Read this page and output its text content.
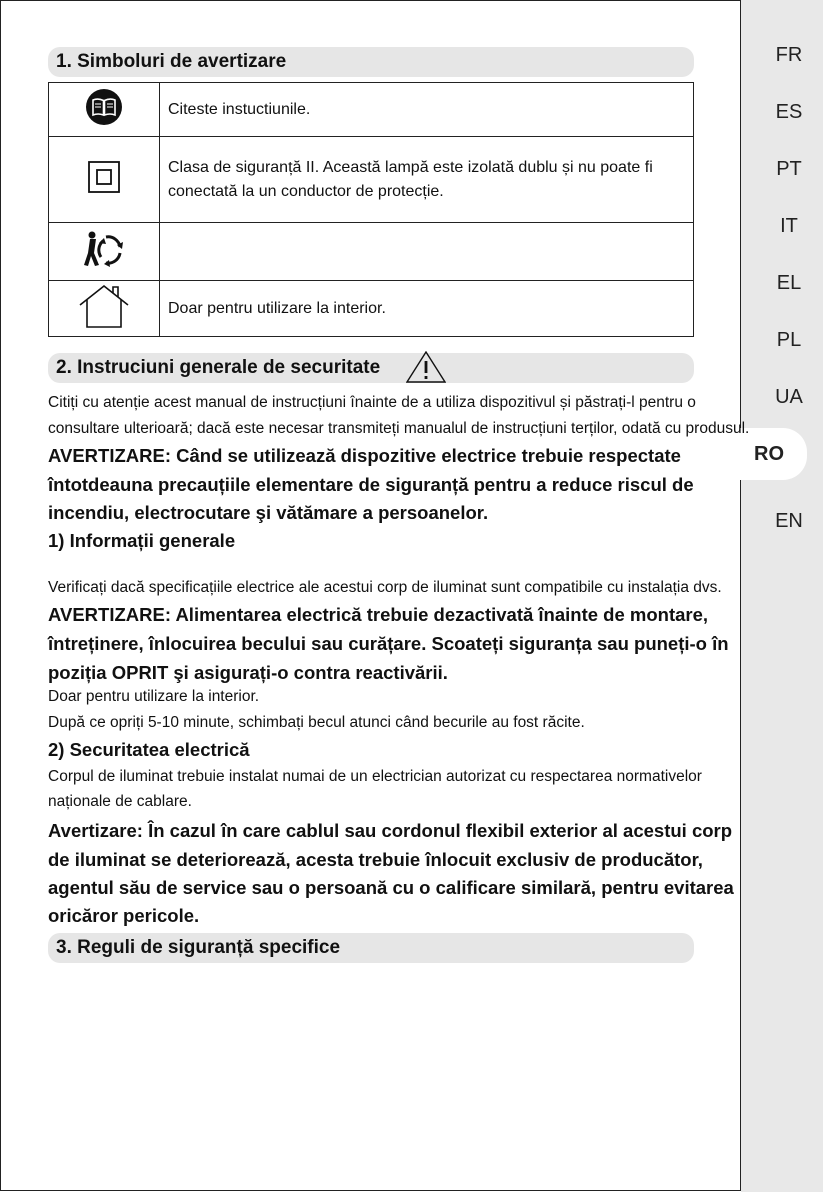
FR
ES
PT
IT
EL
PL
UA
RO
EN
1. Simboluri de avertizare
	Citeste instuctiunile.
	Clasa de siguranță II. Această lampă este izolată dublu și nu poate fi conectată la un conductor de protecție.

	Doar pentru utilizare la interior.
2. Instruciuni generale de securitate
Citiți cu atenție acest manual de instrucțiuni înainte de a utiliza dispozitivul și păstrați-l pentru o
consultare ulterioară; dacă este necesar transmiteți manualul de instrucțiuni terților, odată cu produsul.
AVERTIZARE: Când se utilizează dispozitive electrice trebuie respectate
întotdeauna precauțiile elementare de siguranță pentru a reduce riscul de
incendiu, electrocutare şi vătămare a persoanelor.
1) Informații generale
Verificați dacă specificațiile electrice ale acestui corp de iluminat sunt compatibile cu instalația dvs.
AVERTIZARE: Alimentarea electrică trebuie dezactivată înainte de montare,
întreținere, înlocuirea becului sau curățare. Scoateți siguranța sau puneți-o în
poziția OPRIT şi asigurați-o contra reactivării.
Doar pentru utilizare la interior.
După ce opriți 5-10 minute, schimbați becul atunci când becurile au fost răcite.
2) Securitatea electrică
Corpul de iluminat trebuie instalat numai de un electrician autorizat cu respectarea normativelor
naționale de cablare.
Avertizare: În cazul în care cablul sau cordonul flexibil exterior al acestui corp
de iluminat se deteriorează, acesta trebuie înlocuit exclusiv de producător,
agentul său de service sau o persoană cu o calificare similară, pentru evitarea
oricăror pericole.
3. Reguli de siguranță specifice
